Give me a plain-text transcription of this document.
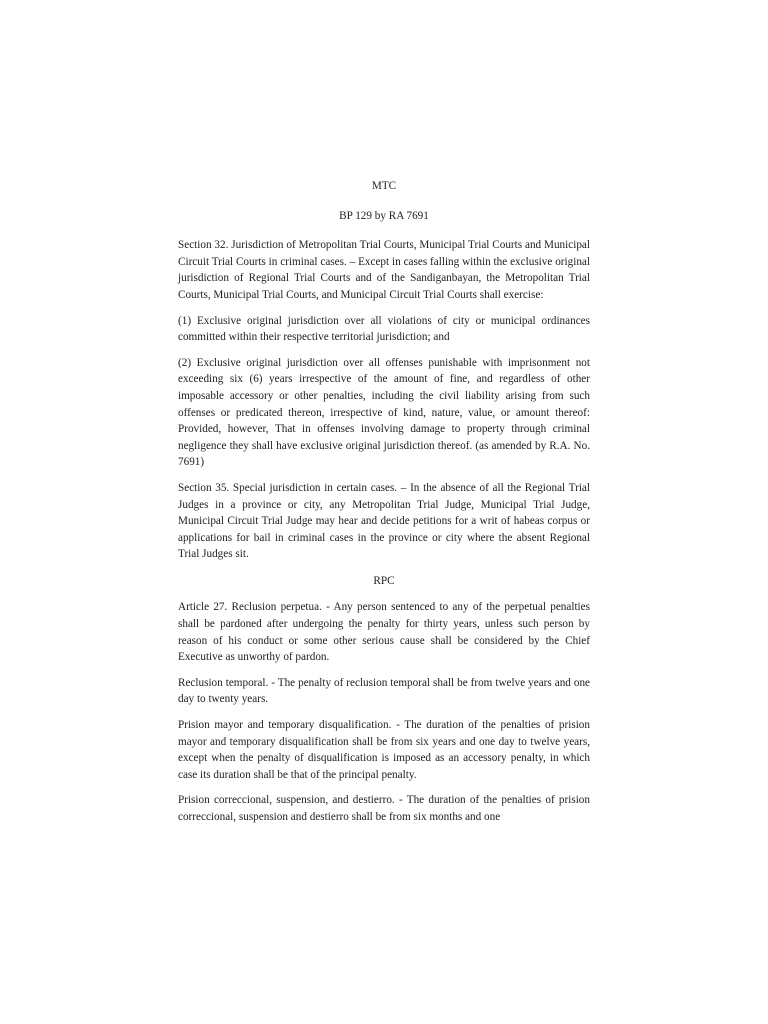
MTC

BP 129 by RA 7691

Section 32. Jurisdiction of Metropolitan Trial Courts, Municipal Trial Courts and Municipal Circuit Trial Courts in criminal cases. – Except in cases falling within the exclusive original jurisdiction of Regional Trial Courts and of the Sandiganbayan, the Metropolitan Trial Courts, Municipal Trial Courts, and Municipal Circuit Trial Courts shall exercise:

(1) Exclusive original jurisdiction over all violations of city or municipal ordinances committed within their respective territorial jurisdiction; and

(2) Exclusive original jurisdiction over all offenses punishable with imprisonment not exceeding six (6) years irrespective of the amount of fine, and regardless of other imposable accessory or other penalties, including the civil liability arising from such offenses or predicated thereon, irrespective of kind, nature, value, or amount thereof: Provided, however, That in offenses involving damage to property through criminal negligence they shall have exclusive original jurisdiction thereof. (as amended by R.A. No. 7691)

Section 35. Special jurisdiction in certain cases. – In the absence of all the Regional Trial Judges in a province or city, any Metropolitan Trial Judge, Municipal Trial Judge, Municipal Circuit Trial Judge may hear and decide petitions for a writ of habeas corpus or applications for bail in criminal cases in the province or city where the absent Regional Trial Judges sit.

RPC

Article 27. Reclusion perpetua. - Any person sentenced to any of the perpetual penalties shall be pardoned after undergoing the penalty for thirty years, unless such person by reason of his conduct or some other serious cause shall be considered by the Chief Executive as unworthy of pardon.

Reclusion temporal. - The penalty of reclusion temporal shall be from twelve years and one day to twenty years.

Prision mayor and temporary disqualification. - The duration of the penalties of prision mayor and temporary disqualification shall be from six years and one day to twelve years, except when the penalty of disqualification is imposed as an accessory penalty, in which case its duration shall be that of the principal penalty.

Prision correccional, suspension, and destierro. - The duration of the penalties of prision correccional, suspension and destierro shall be from six months and one
